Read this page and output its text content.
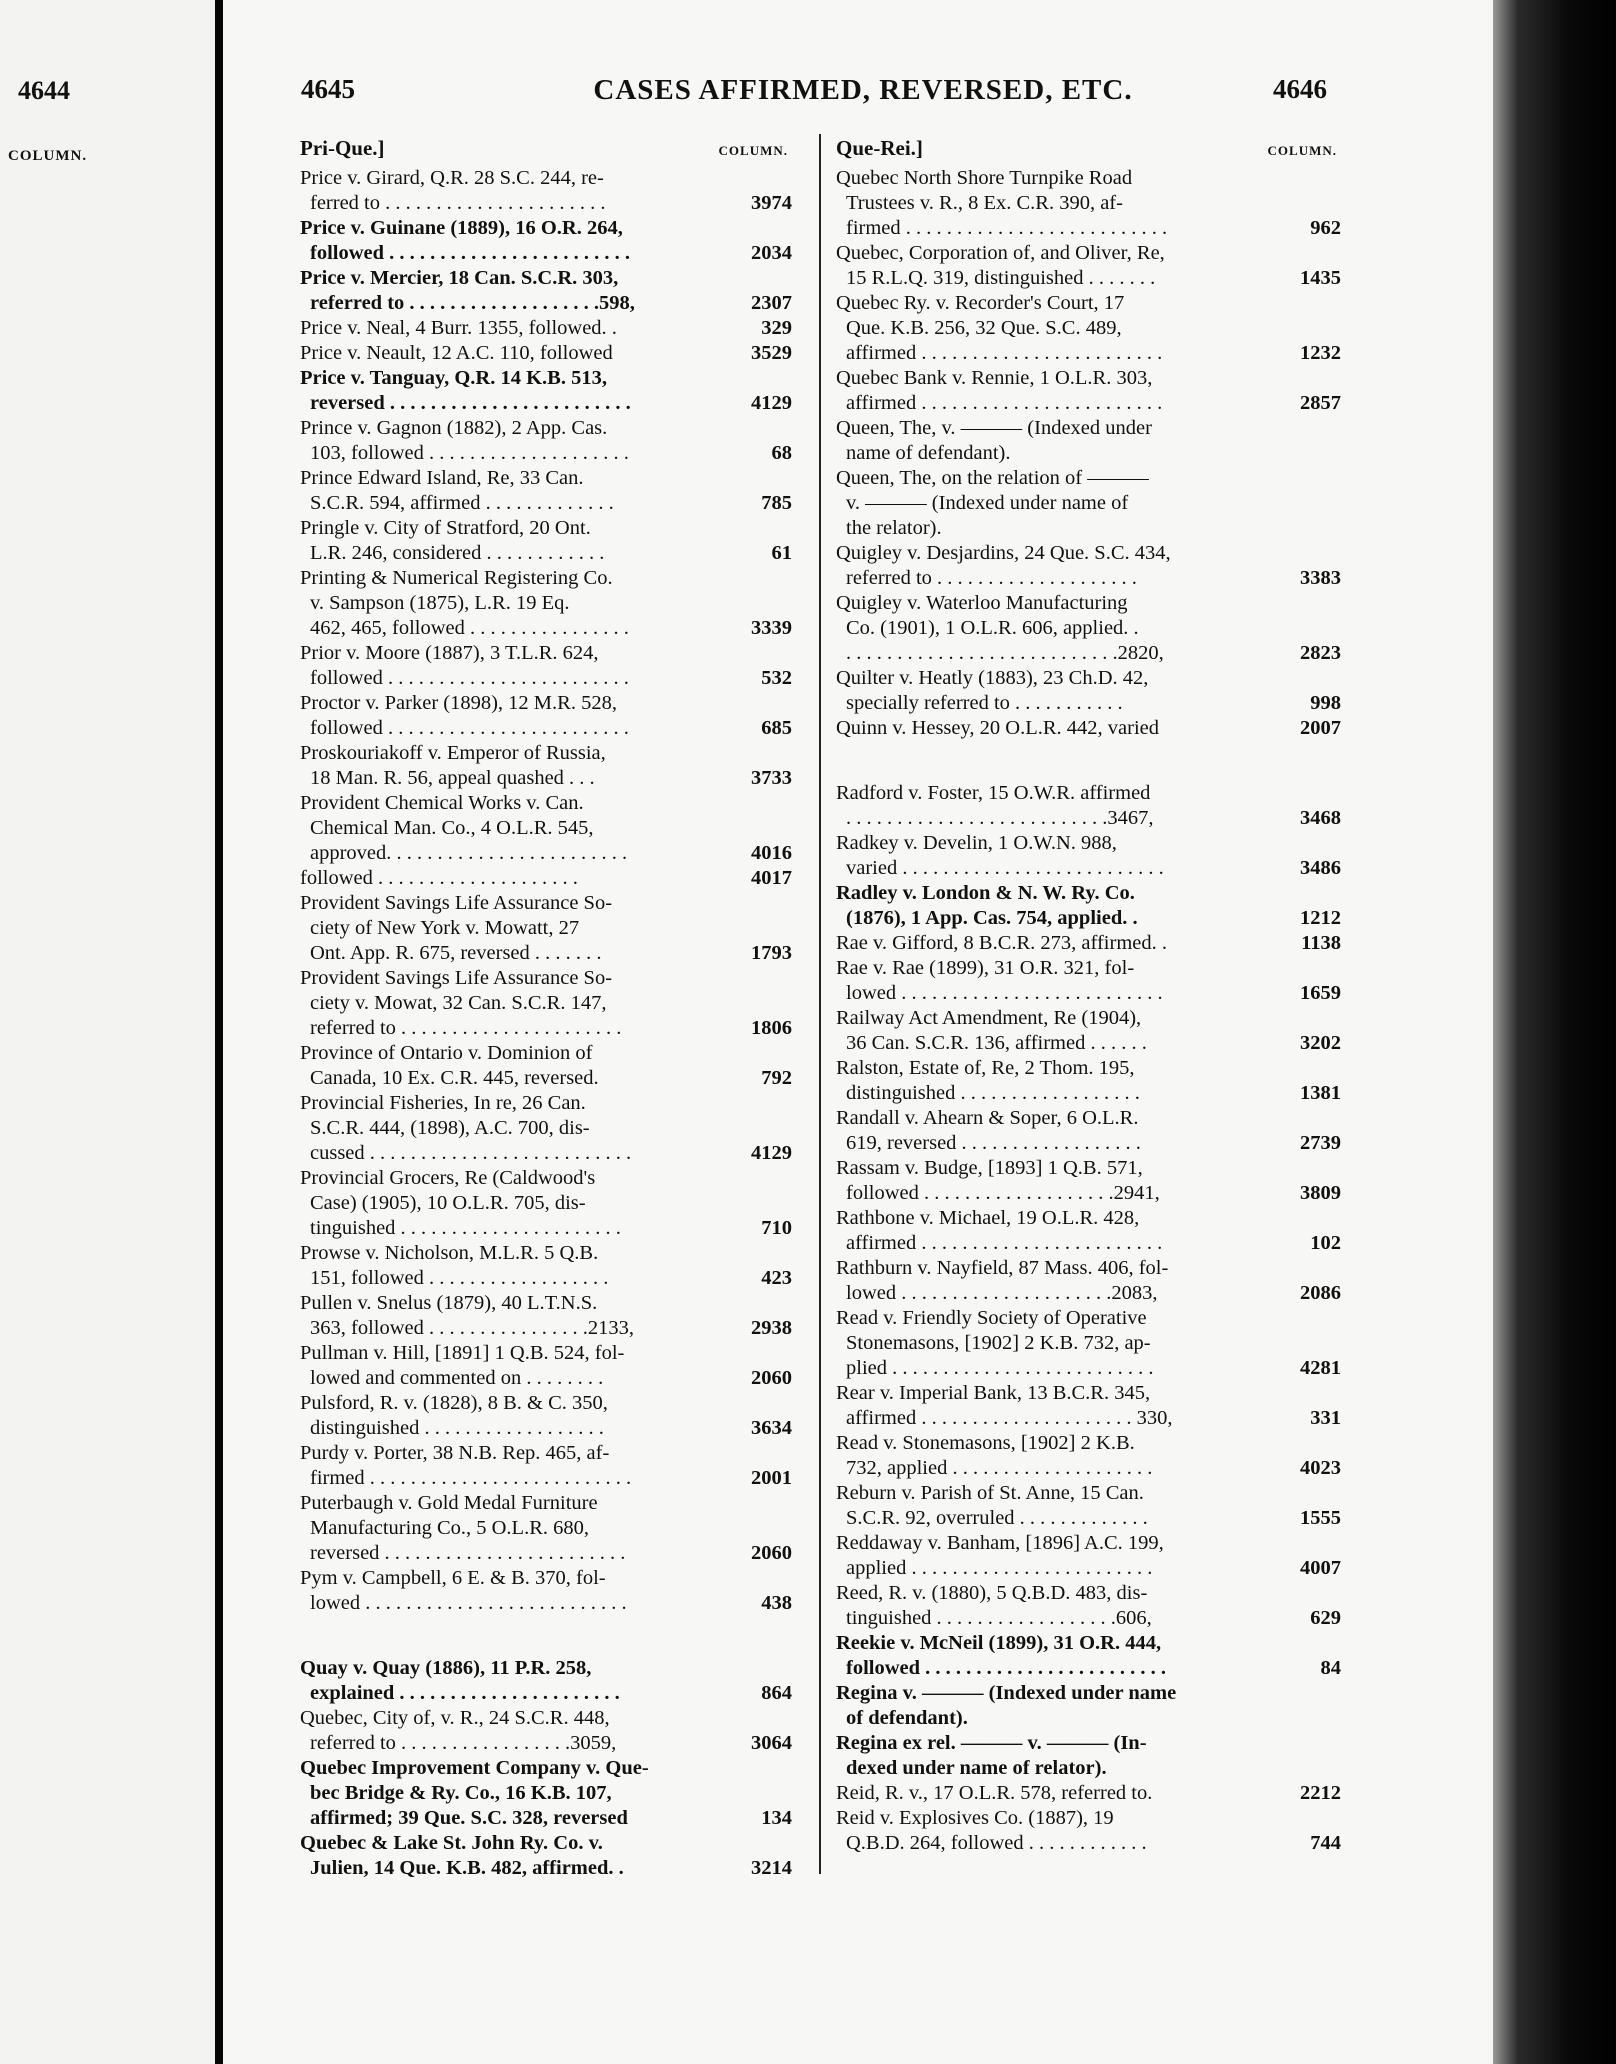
4644
COLUMN.
4645	CASES AFFIRMED, REVERSED, ETC.	4646
Pri-Que.]	COLUMN.
Price v. Girard, Q.R. 28 S.C. 244, re-
ferred to . . . . . . . . . . . . . . . . . . . . . .	3974
Price v. Guinane (1889), 16 O.R. 264,
followed . . . . . . . . . . . . . . . . . . . . . . . .	2034
Price v. Mercier, 18 Can. S.C.R. 303,
referred to . . . . . . . . . . . . . . . . . . .598,	2307
Price v. Neal, 4 Burr. 1355, followed. .	329
Price v. Neault, 12 A.C. 110, followed	3529
Price v. Tanguay, Q.R. 14 K.B. 513,
reversed . . . . . . . . . . . . . . . . . . . . . . . .	4129
Prince v. Gagnon (1882), 2 App. Cas.
103, followed . . . . . . . . . . . . . . . . . . . .	68
Prince Edward Island, Re, 33 Can.
S.C.R. 594, affirmed . . . . . . . . . . . . .	785
Pringle v. City of Stratford, 20 Ont.
L.R. 246, considered . . . . . . . . . . . .	61
Printing & Numerical Registering Co.
v. Sampson (1875), L.R. 19 Eq.
462, 465, followed . . . . . . . . . . . . . . . .	3339
Prior v. Moore (1887), 3 T.L.R. 624,
followed . . . . . . . . . . . . . . . . . . . . . . . .	532
Proctor v. Parker (1898), 12 M.R. 528,
followed . . . . . . . . . . . . . . . . . . . . . . . .	685
Proskouriakoff v. Emperor of Russia,
18 Man. R. 56, appeal quashed . . .	3733
Provident Chemical Works v. Can.
Chemical Man. Co., 4 O.L.R. 545,
approved. . . . . . . . . . . . . . . . . . . . . . . .	4016
followed . . . . . . . . . . . . . . . . . . . .	4017
Provident Savings Life Assurance So-
ciety of New York v. Mowatt, 27
Ont. App. R. 675, reversed . . . . . . .	1793
Provident Savings Life Assurance So-
ciety v. Mowat, 32 Can. S.C.R. 147,
referred to . . . . . . . . . . . . . . . . . . . . . .	1806
Province of Ontario v. Dominion of
Canada, 10 Ex. C.R. 445, reversed.	792
Provincial Fisheries, In re, 26 Can.
S.C.R. 444, (1898), A.C. 700, dis-
cussed . . . . . . . . . . . . . . . . . . . . . . . . . .	4129
Provincial Grocers, Re (Caldwood's
Case) (1905), 10 O.L.R. 705, dis-
tinguished . . . . . . . . . . . . . . . . . . . . . .	710
Prowse v. Nicholson, M.L.R. 5 Q.B.
151, followed . . . . . . . . . . . . . . . . . .	423
Pullen v. Snelus (1879), 40 L.T.N.S.
363, followed . . . . . . . . . . . . . . . .2133,	2938
Pullman v. Hill, [1891] 1 Q.B. 524, fol-
lowed and commented on . . . . . . . .	2060
Pulsford, R. v. (1828), 8 B. & C. 350,
distinguished . . . . . . . . . . . . . . . . . .	3634
Purdy v. Porter, 38 N.B. Rep. 465, af-
firmed . . . . . . . . . . . . . . . . . . . . . . . . . .	2001
Puterbaugh v. Gold Medal Furniture
Manufacturing Co., 5 O.L.R. 680,
reversed . . . . . . . . . . . . . . . . . . . . . . . .	2060
Pym v. Campbell, 6 E. & B. 370, fol-
lowed . . . . . . . . . . . . . . . . . . . . . . . . . .	438
Quay v. Quay (1886), 11 P.R. 258,
explained . . . . . . . . . . . . . . . . . . . . . .	864
Quebec, City of, v. R., 24 S.C.R. 448,
referred to . . . . . . . . . . . . . . . . .3059,	3064
Quebec Improvement Company v. Que-
bec Bridge & Ry. Co., 16 K.B. 107,
affirmed; 39 Que. S.C. 328, reversed	134
Quebec & Lake St. John Ry. Co. v.
Julien, 14 Que. K.B. 482, affirmed. .	3214
Que-Rei.]	COLUMN.
Quebec North Shore Turnpike Road
Trustees v. R., 8 Ex. C.R. 390, af-
firmed . . . . . . . . . . . . . . . . . . . . . . . . . .	962
Quebec, Corporation of, and Oliver, Re,
15 R.L.Q. 319, distinguished . . . . . . .	1435
Quebec Ry. v. Recorder's Court, 17
Que. K.B. 256, 32 Que. S.C. 489,
affirmed . . . . . . . . . . . . . . . . . . . . . . . .	1232
Quebec Bank v. Rennie, 1 O.L.R. 303,
affirmed . . . . . . . . . . . . . . . . . . . . . . . .	2857
Queen, The, v. ——— (Indexed under
name of defendant).
Queen, The, on the relation of ———
v. ——— (Indexed under name of
the relator).
Quigley v. Desjardins, 24 Que. S.C. 434,
referred to . . . . . . . . . . . . . . . . . . . .	3383
Quigley v. Waterloo Manufacturing
Co. (1901), 1 O.L.R. 606, applied. .
. . . . . . . . . . . . . . . . . . . . . . . . . . .2820,	2823
Quilter v. Heatly (1883), 23 Ch.D. 42,
specially referred to . . . . . . . . . . .	998
Quinn v. Hessey, 20 O.L.R. 442, varied	2007
Radford v. Foster, 15 O.W.R. affirmed
. . . . . . . . . . . . . . . . . . . . . . . . . .3467,	3468
Radkey v. Develin, 1 O.W.N. 988,
varied . . . . . . . . . . . . . . . . . . . . . . . . . .	3486
Radley v. London & N. W. Ry. Co.
(1876), 1 App. Cas. 754, applied. .	1212
Rae v. Gifford, 8 B.C.R. 273, affirmed. .	1138
Rae v. Rae (1899), 31 O.R. 321, fol-
lowed . . . . . . . . . . . . . . . . . . . . . . . . . .	1659
Railway Act Amendment, Re (1904),
36 Can. S.C.R. 136, affirmed . . . . . .	3202
Ralston, Estate of, Re, 2 Thom. 195,
distinguished . . . . . . . . . . . . . . . . . .	1381
Randall v. Ahearn & Soper, 6 O.L.R.
619, reversed . . . . . . . . . . . . . . . . . .	2739
Rassam v. Budge, [1893] 1 Q.B. 571,
followed . . . . . . . . . . . . . . . . . . .2941,	3809
Rathbone v. Michael, 19 O.L.R. 428,
affirmed . . . . . . . . . . . . . . . . . . . . . . . .	102
Rathburn v. Nayfield, 87 Mass. 406, fol-
lowed . . . . . . . . . . . . . . . . . . . . .2083,	2086
Read v. Friendly Society of Operative
Stonemasons, [1902] 2 K.B. 732, ap-
plied . . . . . . . . . . . . . . . . . . . . . . . . . .	4281
Rear v. Imperial Bank, 13 B.C.R. 345,
affirmed . . . . . . . . . . . . . . . . . . . . . 330,	331
Read v. Stonemasons, [1902] 2 K.B.
732, applied . . . . . . . . . . . . . . . . . . . .	4023
Reburn v. Parish of St. Anne, 15 Can.
S.C.R. 92, overruled . . . . . . . . . . . . .	1555
Reddaway v. Banham, [1896] A.C. 199,
applied . . . . . . . . . . . . . . . . . . . . . . . .	4007
Reed, R. v. (1880), 5 Q.B.D. 483, dis-
tinguished . . . . . . . . . . . . . . . . . .606,	629
Reekie v. McNeil (1899), 31 O.R. 444,
followed . . . . . . . . . . . . . . . . . . . . . . . .	84
Regina v. ——— (Indexed under name
of defendant).
Regina ex rel. ——— v. ——— (In-
dexed under name of relator).
Reid, R. v., 17 O.L.R. 578, referred to.	2212
Reid v. Explosives Co. (1887), 19
Q.B.D. 264, followed . . . . . . . . . . . .	744
